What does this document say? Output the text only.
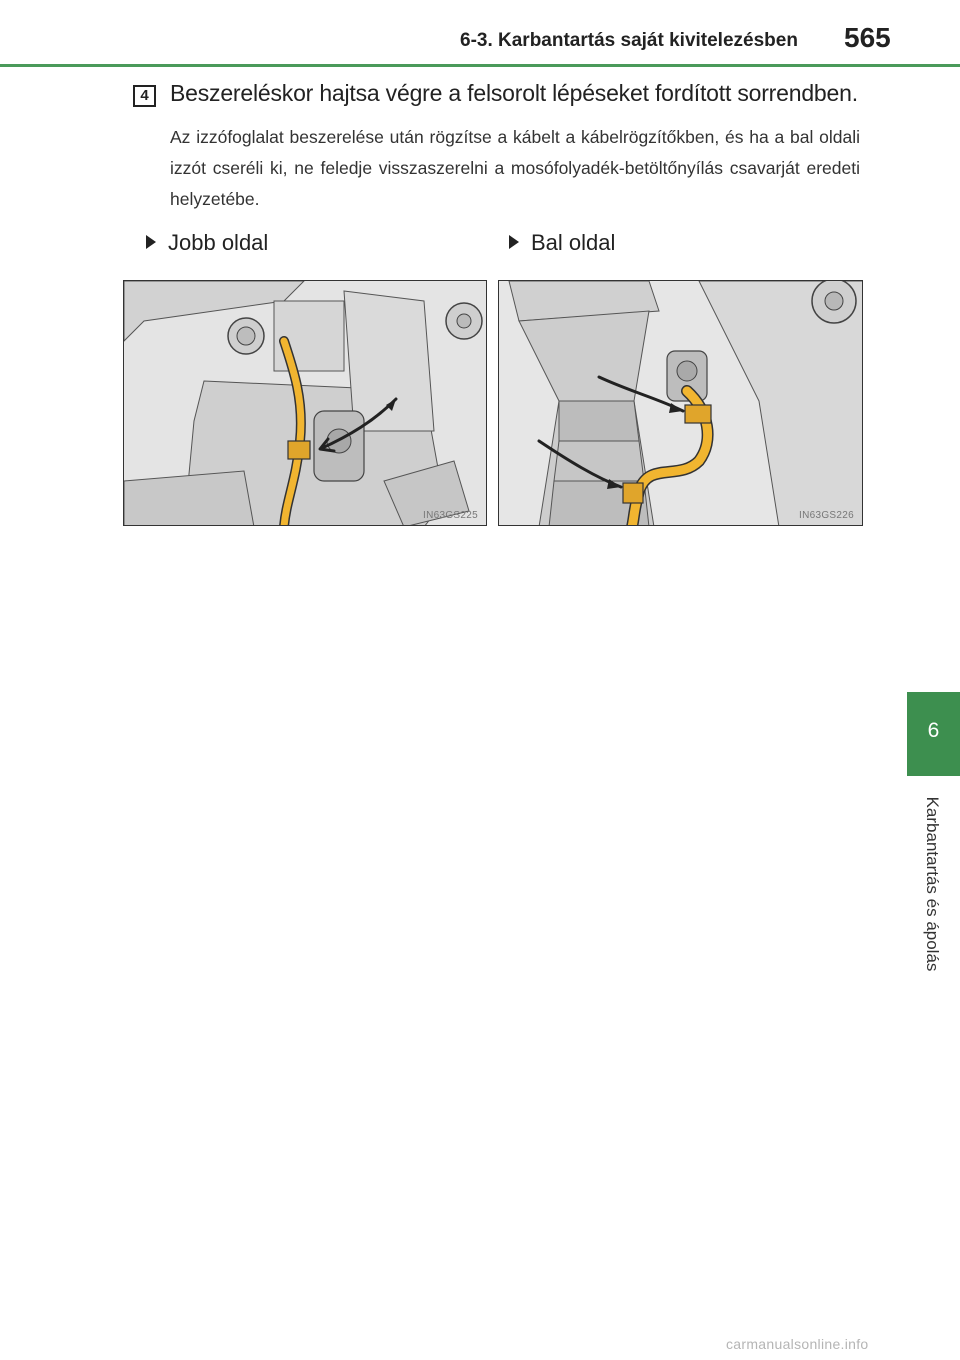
6-3. Karbantartás saját kivitelezésben 565
6
Karbantartás és ápolás
4 Beszereléskor hajtsa végre a felsorolt lépéseket fordított sorrendben.
Az izzófoglalat beszerelése után rögzítse a kábelt a kábelrögzítőkben, és ha a bal oldali izzót cseréli ki, ne feledje visszaszerelni a mosófolyadék-betöltőnyílás csavarját eredeti helyzetébe.
Jobb oldal	Bal oldal
IN63GS225	IN63GS226
carmanualsonline.info
